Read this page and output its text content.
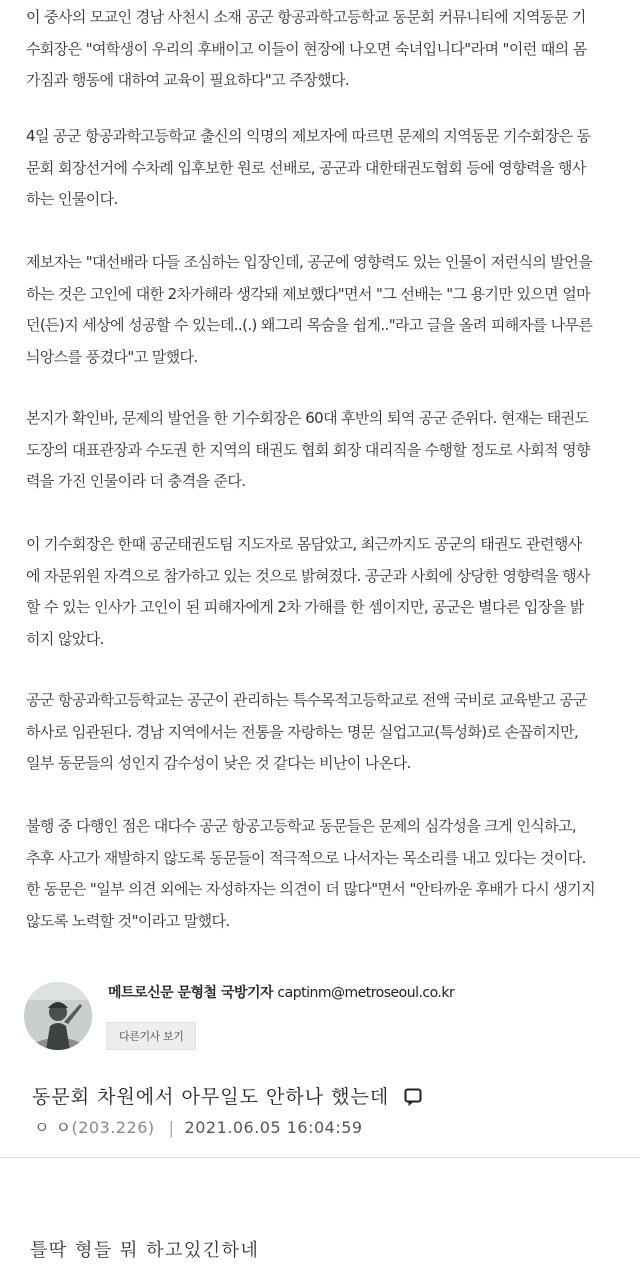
이 중사의 모교인 경남 사천시 소재 공군 항공과학고등학교 동문회 커뮤니티에 지역동문 기
수회장은 "여학생이 우리의 후배이고 이들이 현장에 나오면 숙녀입니다"라며 "이런 때의 몸
가짐과 행동에 대하여 교육이 필요하다"고 주장했다.

4일 공군 항공과학고등학교 출신의 익명의 제보자에 따르면 문제의 지역동문 기수회장은 동
문회 회장선거에 수차례 입후보한 원로 선배로, 공군과 대한태권도협회 등에 영향력을 행사
하는 인물이다.

제보자는 "대선배라 다들 조심하는 입장인데, 공군에 영향력도 있는 인물이 저런식의 발언을
하는 것은 고인에 대한 2차가해라 생각돼 제보했다"면서 "그 선배는 "그 용기만 있으면 얼마
던(든)지 세상에 성공할 수 있는데..(.) 왜그리 목숨을 쉽게.."라고 글을 올려 피해자를 나무른
늬앙스를 풍겼다"고 말했다.

본지가 확인바, 문제의 발언을 한 기수회장은 60대 후반의 퇴역 공군 준위다. 현재는 태권도
도장의 대표관장과 수도권 한 지역의 태권도 협회 회장 대리직을 수행할 정도로 사회적 영향
력을 가진 인물이라 더 충격을 준다.

이 기수회장은 한때 공군태권도팀 지도자로 몸담았고, 최근까지도 공군의 태권도 관련행사
에 자문위원 자격으로 참가하고 있는 것으로 밝혀졌다. 공군과 사회에 상당한 영향력을 행사
할 수 있는 인사가 고인이 된 피해자에게 2차 가해를 한 셈이지만, 공군은 별다른 입장을 밝
히지 않았다.

공군 항공과학고등학교는 공군이 관리하는 특수목적고등학교로 전액 국비로 교육받고 공군
하사로 임관된다. 경남 지역에서는 전통을 자랑하는 명문 실업고교(특성화)로 손꼽히지만,
일부 동문들의 성인지 감수성이 낮은 것 같다는 비난이 나온다.

불행 중 다행인 점은 대다수 공군 항공고등학교 동문들은 문제의 심각성을 크게 인식하고,
추후 사고가 재발하지 않도록 동문들이 적극적으로 나서자는 목소리를 내고 있다는 것이다.
한 동문은 "일부 의견 외에는 자성하자는 의견이 더 많다"면서 "안타까운 후배가 다시 생기지
않도록 노력할 것"이라고 말했다.

메트로신문 문형철 국방기자 captinm@metroseoul.co.kr
다른기사 보기
동문회 차원에서 아무일도 안하나 했는데
ㅇ ㅇ(203.226) | 2021.06.05 16:04:59
틀딱 형들 뭐 하고있긴하네
